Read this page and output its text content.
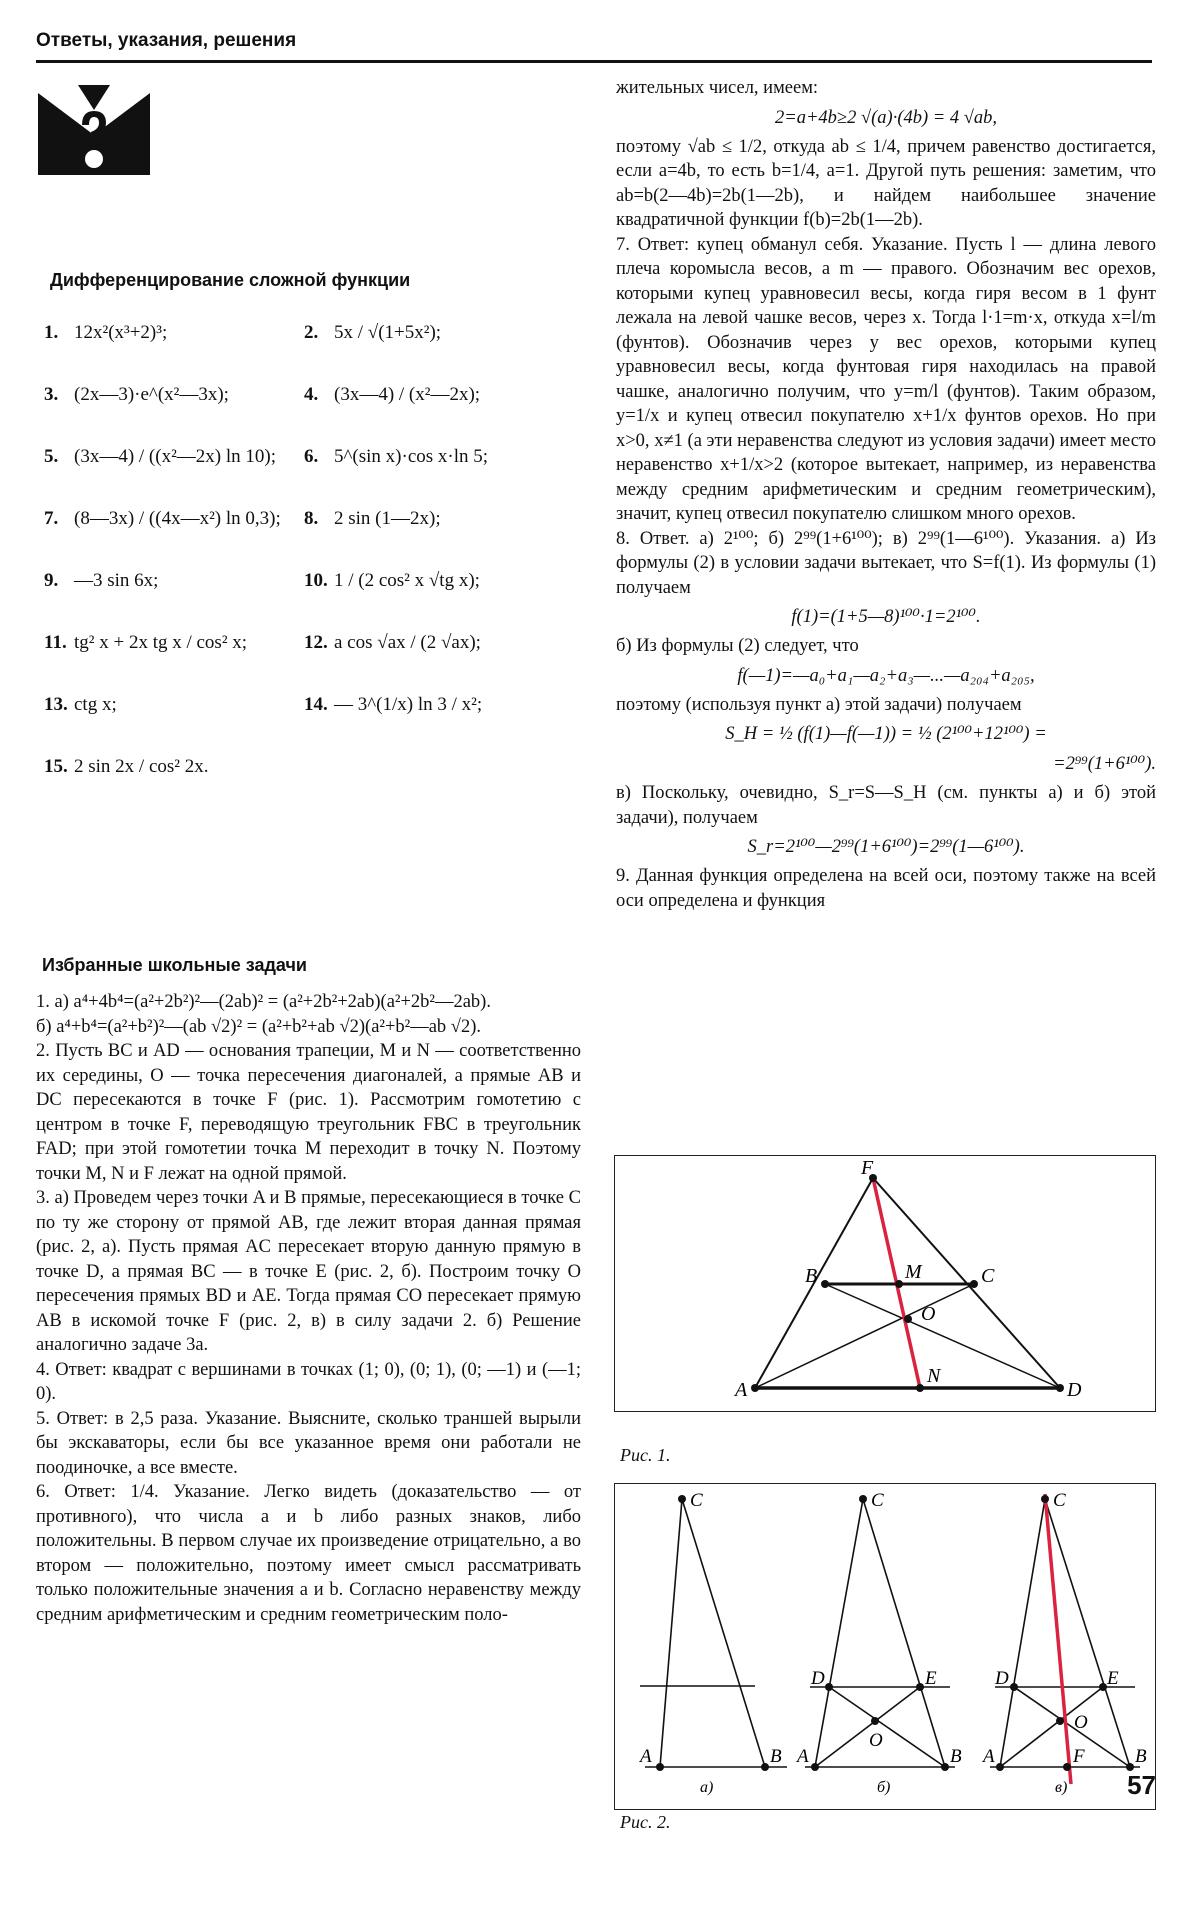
Ответы, указания, решения
Дифференцирование сложной функции
1. 12x²(x³+2)³;	2. 5x / √(1+5x²);
3. (2x—3)·e^(x²—3x);	4. (3x—4) / (x²—2x);
5. (3x—4) / ((x²—2x) ln 10); 6. 5^(sin x)·cos x·ln 5;
7. (8—3x) / ((4x—x²) ln 0,3); 8. 2 sin (1—2x);
9. —3 sin 6x;	10. 1 / (2 cos² x √tg x);
11. tg² x + 2x tg x / cos² x;	12. a cos √ax / (2 √ax);
13. ctg x;	14. — 3^(1/x) ln 3 / x²;
15. 2 sin 2x / cos² 2x.
Избранные школьные задачи

1. а) a⁴+4b⁴=(a²+2b²)²—(2ab)² = (a²+2b²+2ab)(a²+2b²—2ab).

б) a⁴+b⁴=(a²+b²)²—(ab √2)² = (a²+b²+ab √2)(a²+b²—ab √2).

2. Пусть BC и AD — основания трапеции, M и N — соответственно их середины, O — точка пересечения диагоналей, а прямые AB и DC пересекаются в точке F (рис. 1). Рассмотрим гомотетию с центром в точке F, переводящую треугольник FBC в треугольник FAD; при этой гомотетии точка M переходит в точку N. Поэтому точки M, N и F лежат на одной прямой.

3. а) Проведем через точки A и B прямые, пересекающиеся в точке C по ту же сторону от прямой AB, где лежит вторая данная прямая (рис. 2, а). Пусть прямая AC пересекает вторую данную прямую в точке D, а прямая BC — в точке E (рис. 2, б). Построим точку O пересечения прямых BD и AE. Тогда прямая CO пересекает прямую AB в искомой точке F (рис. 2, в) в силу задачи 2. б) Решение аналогично задаче 3а.

4. Ответ: квадрат с вершинами в точках (1; 0), (0; 1), (0; —1) и (—1; 0).

5. Ответ: в 2,5 раза. Указание. Выясните, сколько траншей вырыли бы экскаваторы, если бы все указанное время они работали не поодиночке, а все вместе.

6. Ответ: 1/4. Указание. Легко видеть (доказательство — от противного), что числа a и b либо разных знаков, либо положительны. В первом случае их произведение отрицательно, а во втором — положительно, поэтому имеет смысл рассматривать только положительные значения a и b. Согласно неравенству между средним арифметическим и средним геометрическим поло-

жительных чисел, имеем:

2=a+4b≥2 √(a)·(4b) = 4 √ab,

поэтому √ab ≤ 1/2, откуда ab ≤ 1/4, причем равенство достигается, если a=4b, то есть b=1/4, a=1. Другой путь решения: заметим, что ab=b(2—4b)=2b(1—2b), и найдем наибольшее значение квадратичной функции f(b)=2b(1—2b).

7. Ответ: купец обманул себя. Указание. Пусть l — длина левого плеча коромысла весов, а m — правого. Обозначим вес орехов, которыми купец уравновесил весы, когда гиря весом в 1 фунт лежала на левой чашке весов, через x. Тогда l·1=m·x, откуда x=l/m (фунтов). Обозначив через y вес орехов, которыми купец уравновесил весы, когда фунтовая гиря находилась на правой чашке, аналогично получим, что y=m/l (фунтов). Таким образом, y=1/x и купец отвесил покупателю x+1/x фунтов орехов. Но при x>0, x≠1 (а эти неравенства следуют из условия задачи) имеет место неравенство x+1/x>2 (которое вытекает, например, из неравенства между средним арифметическим и средним геометрическим), значит, купец отвесил покупателю слишком много орехов.

8. Ответ. а) 2¹⁰⁰; б) 2⁹⁹(1+6¹⁰⁰); в) 2⁹⁹(1—6¹⁰⁰). Указания. а) Из формулы (2) в условии задачи вытекает, что S=f(1). Из формулы (1) получаем

f(1)=(1+5—8)¹⁰⁰·1=2¹⁰⁰.

б) Из формулы (2) следует, что

f(—1)=—a₀+a₁—a₂+a₃—...—a₂₀₄+a₂₀₅,

поэтому (используя пункт а) этой задачи) получаем

S_H = ½ (f(1)—f(—1)) = ½ (2¹⁰⁰+12¹⁰⁰) =
=2⁹⁹(1+6¹⁰⁰).

в) Поскольку, очевидно, S_r=S—S_H (см. пункты а) и б) этой задачи), получаем

S_r=2¹⁰⁰—2⁹⁹(1+6¹⁰⁰)=2⁹⁹(1—6¹⁰⁰).

9. Данная функция определена на всей оси, поэтому также на всей оси определена и функция

F
B	M	C
O
A
N
D
Рис. 1.
C
A	B
C
D	E
O
A	B
C
D	E
O
A	F	B
а)	б)	в)
Рис. 2.
57
